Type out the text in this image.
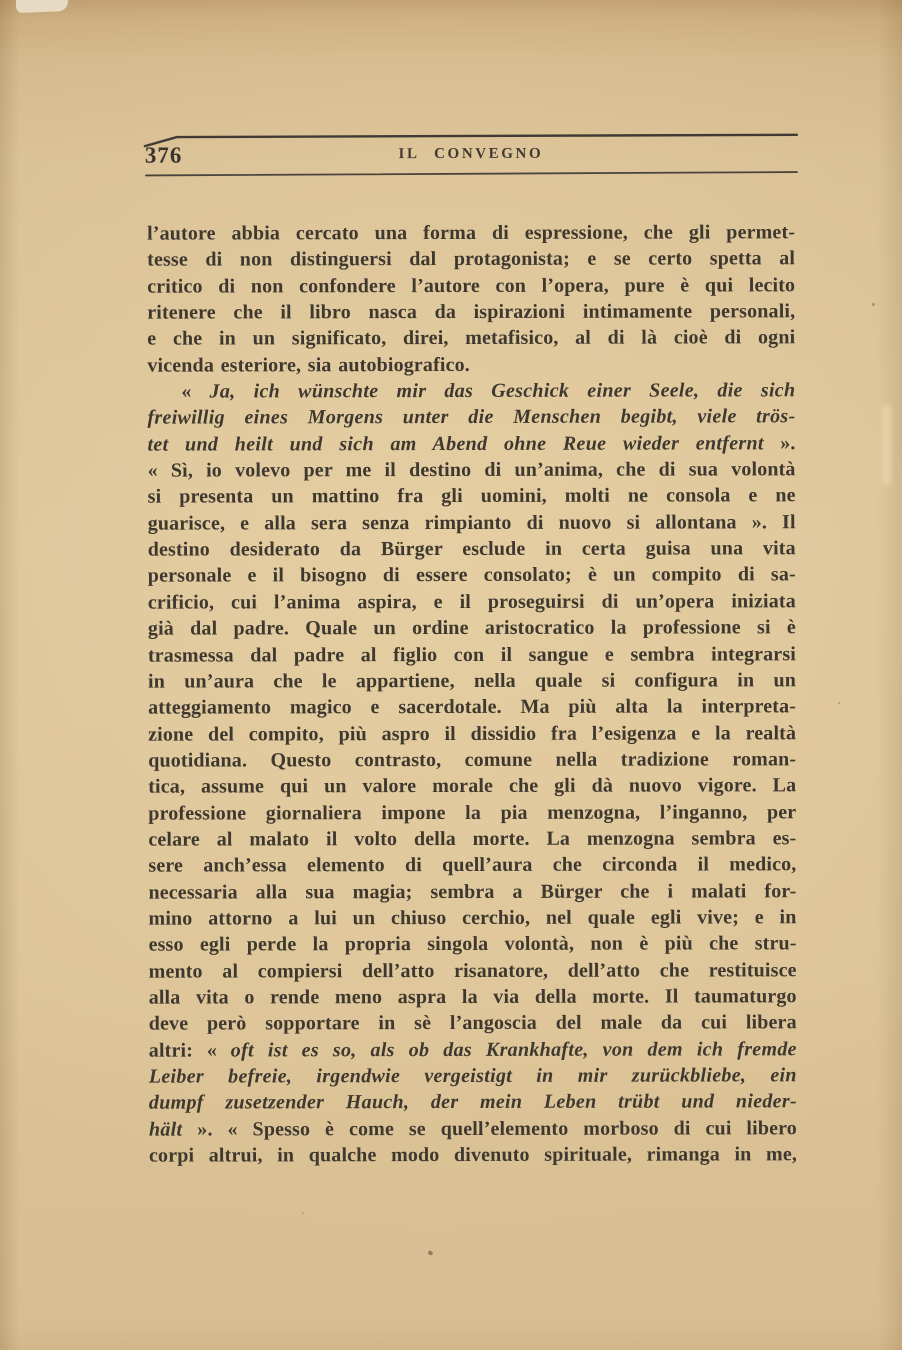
376	IL CONVEGNO
l’autore abbia cercato una forma di espressione, che gli permet-
tesse di non distinguersi dal protagonista; e se certo spetta al
critico di non confondere l’autore con l’opera, pure è qui lecito
ritenere che il libro nasca da ispirazioni intimamente personali,
e che in un significato, direi, metafisico, al di là cioè di ogni
vicenda esteriore, sia autobiografico.
« Ja, ich wünschte mir das Geschick einer Seele, die sich
freiwillig eines Morgens unter die Menschen begibt, viele trös-
tet und heilt und sich am Abend ohne Reue wieder entfernt ».
« Sì, io volevo per me il destino di un’anima, che di sua volontà
si presenta un mattino fra gli uomini, molti ne consola e ne
guarisce, e alla sera senza rimpianto di nuovo si allontana ». Il
destino desiderato da Bürger esclude in certa guisa una vita
personale e il bisogno di essere consolato; è un compito di sa-
crificio, cui l’anima aspira, e il proseguirsi di un’opera iniziata
già dal padre. Quale un ordine aristocratico la professione si è
trasmessa dal padre al figlio con il sangue e sembra integrarsi
in un’aura che le appartiene, nella quale si configura in un
atteggiamento magico e sacerdotale. Ma più alta la interpreta-
zione del compito, più aspro il dissidio fra l’esigenza e la realtà
quotidiana. Questo contrasto, comune nella tradizione roman-
tica, assume qui un valore morale che gli dà nuovo vigore. La
professione giornaliera impone la pia menzogna, l’inganno, per
celare al malato il volto della morte. La menzogna sembra es-
sere anch’essa elemento di quell’aura che circonda il medico,
necessaria alla sua magia; sembra a Bürger che i malati for-
mino attorno a lui un chiuso cerchio, nel quale egli vive; e in
esso egli perde la propria singola volontà, non è più che stru-
mento al compiersi dell’atto risanatore, dell’atto che restituisce
alla vita o rende meno aspra la via della morte. Il taumaturgo
deve però sopportare in sè l’angoscia del male da cui libera
altri: « oft ist es so, als ob das Krankhafte, von dem ich fremde
Leiber befreie, irgendwie vergeistigt in mir zurückbliebe, ein
dumpf zusetzender Hauch, der mein Leben trübt und nieder-
hält ». « Spesso è come se quell’elemento morboso di cui libero
corpi altrui, in qualche modo divenuto spirituale, rimanga in me,
